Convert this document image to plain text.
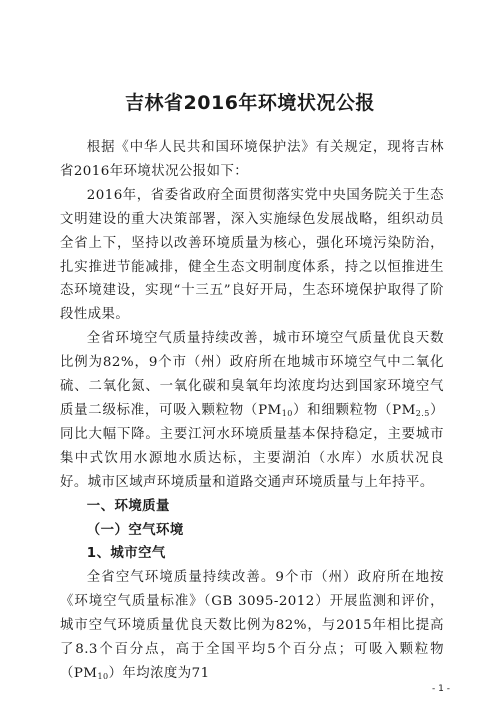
吉林省2016年环境状况公报

根据《中华人民共和国环境保护法》有关规定，现将吉林省2016年环境状况公报如下：

2016年，省委省政府全面贯彻落实党中央国务院关于生态文明建设的重大决策部署，深入实施绿色发展战略，组织动员全省上下，坚持以改善环境质量为核心，强化环境污染防治，扎实推进节能减排，健全生态文明制度体系，持之以恒推进生态环境建设，实现“十三五”良好开局，生态环境保护取得了阶段性成果。

全省环境空气质量持续改善，城市环境空气质量优良天数比例为82%，9个市（州）政府所在地城市环境空气中二氧化硫、二氧化氮、一氧化碳和臭氧年均浓度均达到国家环境空气质量二级标准，可吸入颗粒物$(PM_{10})$和细颗粒物$(PM_{2.5})$同比大幅下降。主要江河水环境质量基本保持稳定，主要城市集中式饮用水源地水质达标，主要湖泊（水库）水质状况良好。城市区域声环境质量和道路交通声环境质量与上年持平。

一、环境质量

（一）空气环境

1、城市空气

全省空气环境质量持续改善。9个市（州）政府所在地按《环境空气质量标准》（GB 3095-2012）开展监测和评价，城市空气环境质量优良天数比例为82%，与2015年相比提高了8.3个百分点，高于全国平均5个百分点；可吸入颗粒物$(PM_{10})$年均浓度为71

- 1 -
